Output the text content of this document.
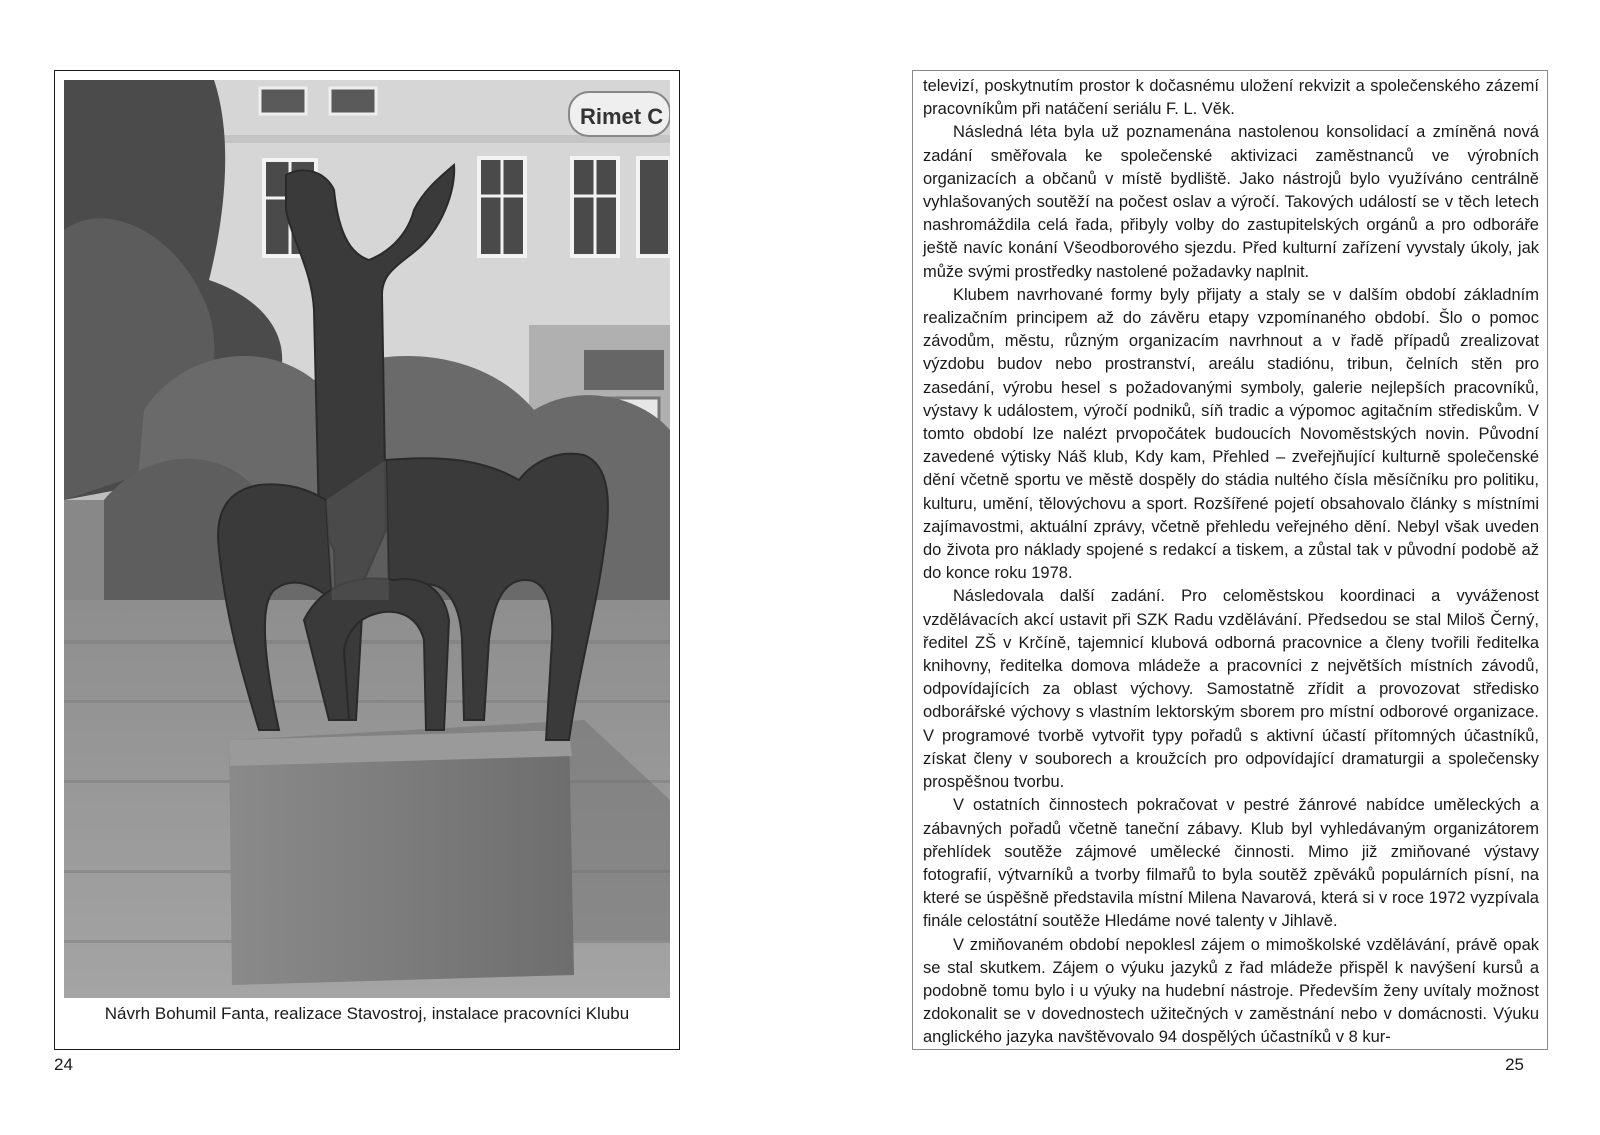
Rimet C
Návrh Bohumil Fanta, realizace Stavostroj, instalace pracovníci Klubu
24

televizí, poskytnutím prostor k dočasnému uložení rekvizit a společenského zázemí pracovníkům při natáčení seriálu F. L. Věk.

Následná léta byla už poznamenána nastolenou konsolidací a zmíněná nová zadání směřovala ke společenské aktivizaci zaměstnanců ve výrobních organizacích a občanů v místě bydliště. Jako nástrojů bylo využíváno centrálně vyhlašovaných soutěží na počest oslav a výročí. Takových událostí se v těch letech nashromáždila celá řada, přibyly volby do zastupitelských orgánů a pro odboráře ještě navíc konání Všeodborového sjezdu. Před kulturní zařízení vyvstaly úkoly, jak může svými prostředky nastolené požadavky naplnit.

Klubem navrhované formy byly přijaty a staly se v dalším období základním realizačním principem až do závěru etapy vzpomínaného období. Šlo o pomoc závodům, městu, různým organizacím navrhnout a v řadě případů zrealizovat výzdobu budov nebo prostranství, areálu stadiónu, tribun, čelních stěn pro zasedání, výrobu hesel s požadovanými symboly, galerie nejlepších pracovníků, výstavy k událostem, výročí podniků, síň tradic a výpomoc agitačním střediskům. V tomto období lze nalézt prvopočátek budoucích Novoměstských novin. Původní zavedené výtisky Náš klub, Kdy kam, Přehled – zveřejňující kulturně společenské dění včetně sportu ve městě dospěly do stádia nultého čísla měsíčníku pro politiku, kulturu, umění, tělovýchovu a sport. Rozšířené pojetí obsahovalo články s místními zajímavostmi, aktuální zprávy, včetně přehledu veřejného dění. Nebyl však uveden do života pro náklady spojené s redakcí a tiskem, a zůstal tak v původní podobě až do konce roku 1978.

Následovala další zadání. Pro celoměstskou koordinaci a vyváženost vzdělávacích akcí ustavit při SZK Radu vzdělávání. Předsedou se stal Miloš Černý, ředitel ZŠ v Krčíně, tajemnicí klubová odborná pracovnice a členy tvořili ředitelka knihovny, ředitelka domova mládeže a pracovníci z největších místních závodů, odpovídajících za oblast výchovy. Samostatně zřídit a provozovat středisko odborářské výchovy s vlastním lektorským sborem pro místní odborové organizace. V programové tvorbě vytvořit typy pořadů s aktivní účastí přítomných účastníků, získat členy v souborech a kroužcích pro odpovídající dramaturgii a společensky prospěšnou tvorbu.

V ostatních činnostech pokračovat v pestré žánrové nabídce uměleckých a zábavných pořadů včetně taneční zábavy. Klub byl vyhledávaným organizátorem přehlídek soutěže zájmové umělecké činnosti. Mimo již zmiňované výstavy fotografií, výtvarníků a tvorby filmařů to byla soutěž zpěváků populárních písní, na které se úspěšně představila místní Milena Navarová, která si v roce 1972 vyzpívala finále celostátní soutěže Hledáme nové talenty v Jihlavě.

V zmiňovaném období nepoklesl zájem o mimoškolské vzdělávání, právě opak se stal skutkem. Zájem o výuku jazyků z řad mládeže přispěl k navýšení kursů a podobně tomu bylo i u výuky na hudební nástroje. Především ženy uvítaly možnost zdokonalit se v dovednostech užitečných v zaměstnání nebo v domácnosti. Výuku anglického jazyka navštěvovalo 94 dospělých účastníků v 8 kur-

25
